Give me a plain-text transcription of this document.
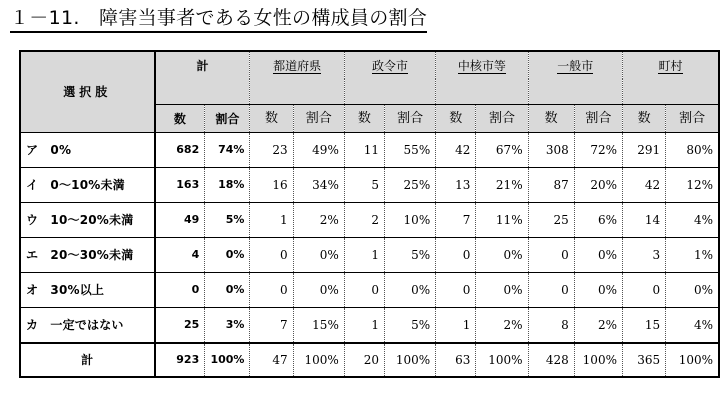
１－11.　障害当事者である女性の構成員の割合
選択肢	計		都道府県		政令市		中核市等		一般市		町村	

	数	割合	数	割合	数	割合	数	割合	数	割合	数	割合
ア　0%	682	74%	23	49%	11	55%	42	67%	308	72%	291	80%
イ　0～10%未満	163	18%	16	34%	5	25%	13	21%	87	20%	42	12%
ウ　10～20%未満	49	5%	1	2%	2	10%	7	11%	25	6%	14	4%
エ　20～30%未満	4	0%	0	0%	1	5%	0	0%	0	0%	3	1%
オ　30%以上	0	0%	0	0%	0	0%	0	0%	0	0%	0	0%
カ　一定ではない	25	3%	7	15%	1	5%	1	2%	8	2%	15	4%
計	923	100%	47	100%	20	100%	63	100%	428	100%	365	100%
